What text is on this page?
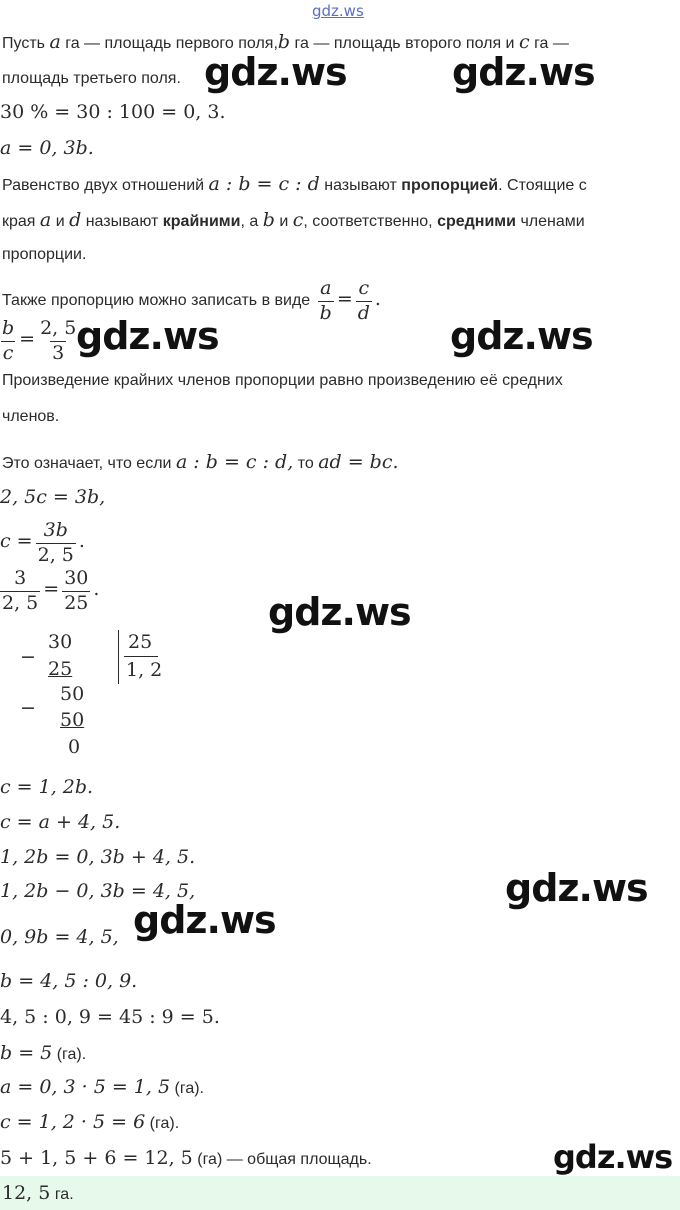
gdz.ws
Пусть a га — площадь первого поля,b га — площадь второго поля и c га —
площадь третьего поля.
30 % = 30 : 100 = 0, 3.
a = 0, 3b.
Равенство двух отношений a : b = c : d называют пропорцией. Стоящие с
края a и d называют крайними, а b и c, соответственно, средними членами
пропорции.
Также пропорцию можно записать в виде $\frac{a}{b} = \frac{c}{d}$ .
$\frac{b}{c} = \frac{2, 5}{3}$
Произведение крайних членов пропорции равно произведению её средних
членов.
Это означает, что если a : b = c : d, то ad = bc.
2, 5c = 3b,
$c = \frac{3b}{2, 5}$ .
$\frac{3}{2, 5} = \frac{30}{25}$ .
−
30
25
25
1, 2
−
50
50
0
c = 1, 2b.
c = a + 4, 5.
1, 2b = 0, 3b + 4, 5.
1, 2b − 0, 3b = 4, 5,
0, 9b = 4, 5,
b = 4, 5 : 0, 9.
4, 5 : 0, 9 = 45 : 9 = 5.
b = 5 (га).
a = 0, 3 · 5 = 1, 5 (га).
c = 1, 2 · 5 = 6 (га).
5 + 1, 5 + 6 = 12, 5 (га) — общая площадь.
12, 5 га.
gdz.ws	gdz.ws
gdz.ws	gdz.ws
gdz.ws
gdz.ws
gdz.ws
gdz.ws
